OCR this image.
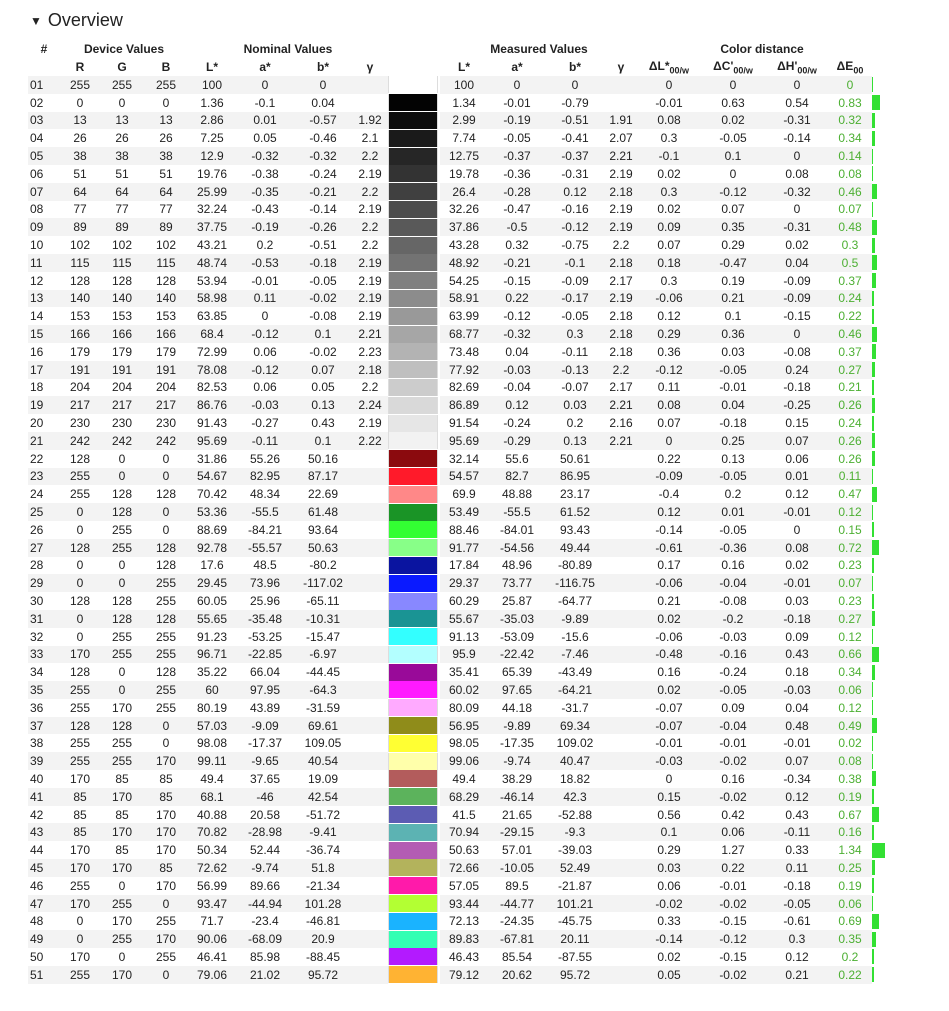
▼ Overview
#	Device Values			Nominal Values					Measured Values				Color distance				
	R	G	B	L*	a*	b*	γ		L*	a*	b*	γ	$\Delta L*_{00/w}$	$\Delta C'_{00/w}$	$\Delta H'_{00/w}$	$\Delta E_{00}$	
01	255	255	255	100	0	0			100	0	0		0	0	0	0	

02	0	0	0	1.36	-0.1	0.04			1.34	-0.01	-0.79		-0.01	0.63	0.54	0.83	

03	13	13	13	2.86	0.01	-0.57	1.92		2.99	-0.19	-0.51	1.91	0.08	0.02	-0.31	0.32	

04	26	26	26	7.25	0.05	-0.46	2.1		7.74	-0.05	-0.41	2.07	0.3	-0.05	-0.14	0.34	

05	38	38	38	12.9	-0.32	-0.32	2.2		12.75	-0.37	-0.37	2.21	-0.1	0.1	0	0.14	

06	51	51	51	19.76	-0.38	-0.24	2.19		19.78	-0.36	-0.31	2.19	0.02	0	0.08	0.08	

07	64	64	64	25.99	-0.35	-0.21	2.2		26.4	-0.28	0.12	2.18	0.3	-0.12	-0.32	0.46	

08	77	77	77	32.24	-0.43	-0.14	2.19		32.26	-0.47	-0.16	2.19	0.02	0.07	0	0.07	

09	89	89	89	37.75	-0.19	-0.26	2.2		37.86	-0.5	-0.12	2.19	0.09	0.35	-0.31	0.48	

10	102	102	102	43.21	0.2	-0.51	2.2		43.28	0.32	-0.75	2.2	0.07	0.29	0.02	0.3	

11	115	115	115	48.74	-0.53	-0.18	2.19		48.92	-0.21	-0.1	2.18	0.18	-0.47	0.04	0.5	

12	128	128	128	53.94	-0.01	-0.05	2.19		54.25	-0.15	-0.09	2.17	0.3	0.19	-0.09	0.37	

13	140	140	140	58.98	0.11	-0.02	2.19		58.91	0.22	-0.17	2.19	-0.06	0.21	-0.09	0.24	

14	153	153	153	63.85	0	-0.08	2.19		63.99	-0.12	-0.05	2.18	0.12	0.1	-0.15	0.22	

15	166	166	166	68.4	-0.12	0.1	2.21		68.77	-0.32	0.3	2.18	0.29	0.36	0	0.46	

16	179	179	179	72.99	0.06	-0.02	2.23		73.48	0.04	-0.11	2.18	0.36	0.03	-0.08	0.37	

17	191	191	191	78.08	-0.12	0.07	2.18		77.92	-0.03	-0.13	2.2	-0.12	-0.05	0.24	0.27	

18	204	204	204	82.53	0.06	0.05	2.2		82.69	-0.04	-0.07	2.17	0.11	-0.01	-0.18	0.21	

19	217	217	217	86.76	-0.03	0.13	2.24		86.89	0.12	0.03	2.21	0.08	0.04	-0.25	0.26	

20	230	230	230	91.43	-0.27	0.43	2.19		91.54	-0.24	0.2	2.16	0.07	-0.18	0.15	0.24	

21	242	242	242	95.69	-0.11	0.1	2.22		95.69	-0.29	0.13	2.21	0	0.25	0.07	0.26	

22	128	0	0	31.86	55.26	50.16			32.14	55.6	50.61		0.22	0.13	0.06	0.26	

23	255	0	0	54.67	82.95	87.17			54.57	82.7	86.95		-0.09	-0.05	0.01	0.11	

24	255	128	128	70.42	48.34	22.69			69.9	48.88	23.17		-0.4	0.2	0.12	0.47	

25	0	128	0	53.36	-55.5	61.48			53.49	-55.5	61.52		0.12	0.01	-0.01	0.12	

26	0	255	0	88.69	-84.21	93.64			88.46	-84.01	93.43		-0.14	-0.05	0	0.15	

27	128	255	128	92.78	-55.57	50.63			91.77	-54.56	49.44		-0.61	-0.36	0.08	0.72	

28	0	0	128	17.6	48.5	-80.2			17.84	48.96	-80.89		0.17	0.16	0.02	0.23	

29	0	0	255	29.45	73.96	-117.02			29.37	73.77	-116.75		-0.06	-0.04	-0.01	0.07	

30	128	128	255	60.05	25.96	-65.11			60.29	25.87	-64.77		0.21	-0.08	0.03	0.23	

31	0	128	128	55.65	-35.48	-10.31			55.67	-35.03	-9.89		0.02	-0.2	-0.18	0.27	

32	0	255	255	91.23	-53.25	-15.47			91.13	-53.09	-15.6		-0.06	-0.03	0.09	0.12	

33	170	255	255	96.71	-22.85	-6.97			95.9	-22.42	-7.46		-0.48	-0.16	0.43	0.66	

34	128	0	128	35.22	66.04	-44.45			35.41	65.39	-43.49		0.16	-0.24	0.18	0.34	

35	255	0	255	60	97.95	-64.3			60.02	97.65	-64.21		0.02	-0.05	-0.03	0.06	

36	255	170	255	80.19	43.89	-31.59			80.09	44.18	-31.7		-0.07	0.09	0.04	0.12	

37	128	128	0	57.03	-9.09	69.61			56.95	-9.89	69.34		-0.07	-0.04	0.48	0.49	

38	255	255	0	98.08	-17.37	109.05			98.05	-17.35	109.02		-0.01	-0.01	-0.01	0.02	

39	255	255	170	99.11	-9.65	40.54			99.06	-9.74	40.47		-0.03	-0.02	0.07	0.08	

40	170	85	85	49.4	37.65	19.09			49.4	38.29	18.82		0	0.16	-0.34	0.38	

41	85	170	85	68.1	-46	42.54			68.29	-46.14	42.3		0.15	-0.02	0.12	0.19	

42	85	85	170	40.88	20.58	-51.72			41.5	21.65	-52.88		0.56	0.42	0.43	0.67	

43	85	170	170	70.82	-28.98	-9.41			70.94	-29.15	-9.3		0.1	0.06	-0.11	0.16	

44	170	85	170	50.34	52.44	-36.74			50.63	57.01	-39.03		0.29	1.27	0.33	1.34	

45	170	170	85	72.62	-9.74	51.8			72.66	-10.05	52.49		0.03	0.22	0.11	0.25	

46	255	0	170	56.99	89.66	-21.34			57.05	89.5	-21.87		0.06	-0.01	-0.18	0.19	

47	170	255	0	93.47	-44.94	101.28			93.44	-44.77	101.21		-0.02	-0.02	-0.05	0.06	

48	0	170	255	71.7	-23.4	-46.81			72.13	-24.35	-45.75		0.33	-0.15	-0.61	0.69	

49	0	255	170	90.06	-68.09	20.9			89.83	-67.81	20.11		-0.14	-0.12	0.3	0.35	

50	170	0	255	46.41	85.98	-88.45			46.43	85.54	-87.55		0.02	-0.15	0.12	0.2	

51	255	170	0	79.06	21.02	95.72			79.12	20.62	95.72		0.05	-0.02	0.21	0.22	
